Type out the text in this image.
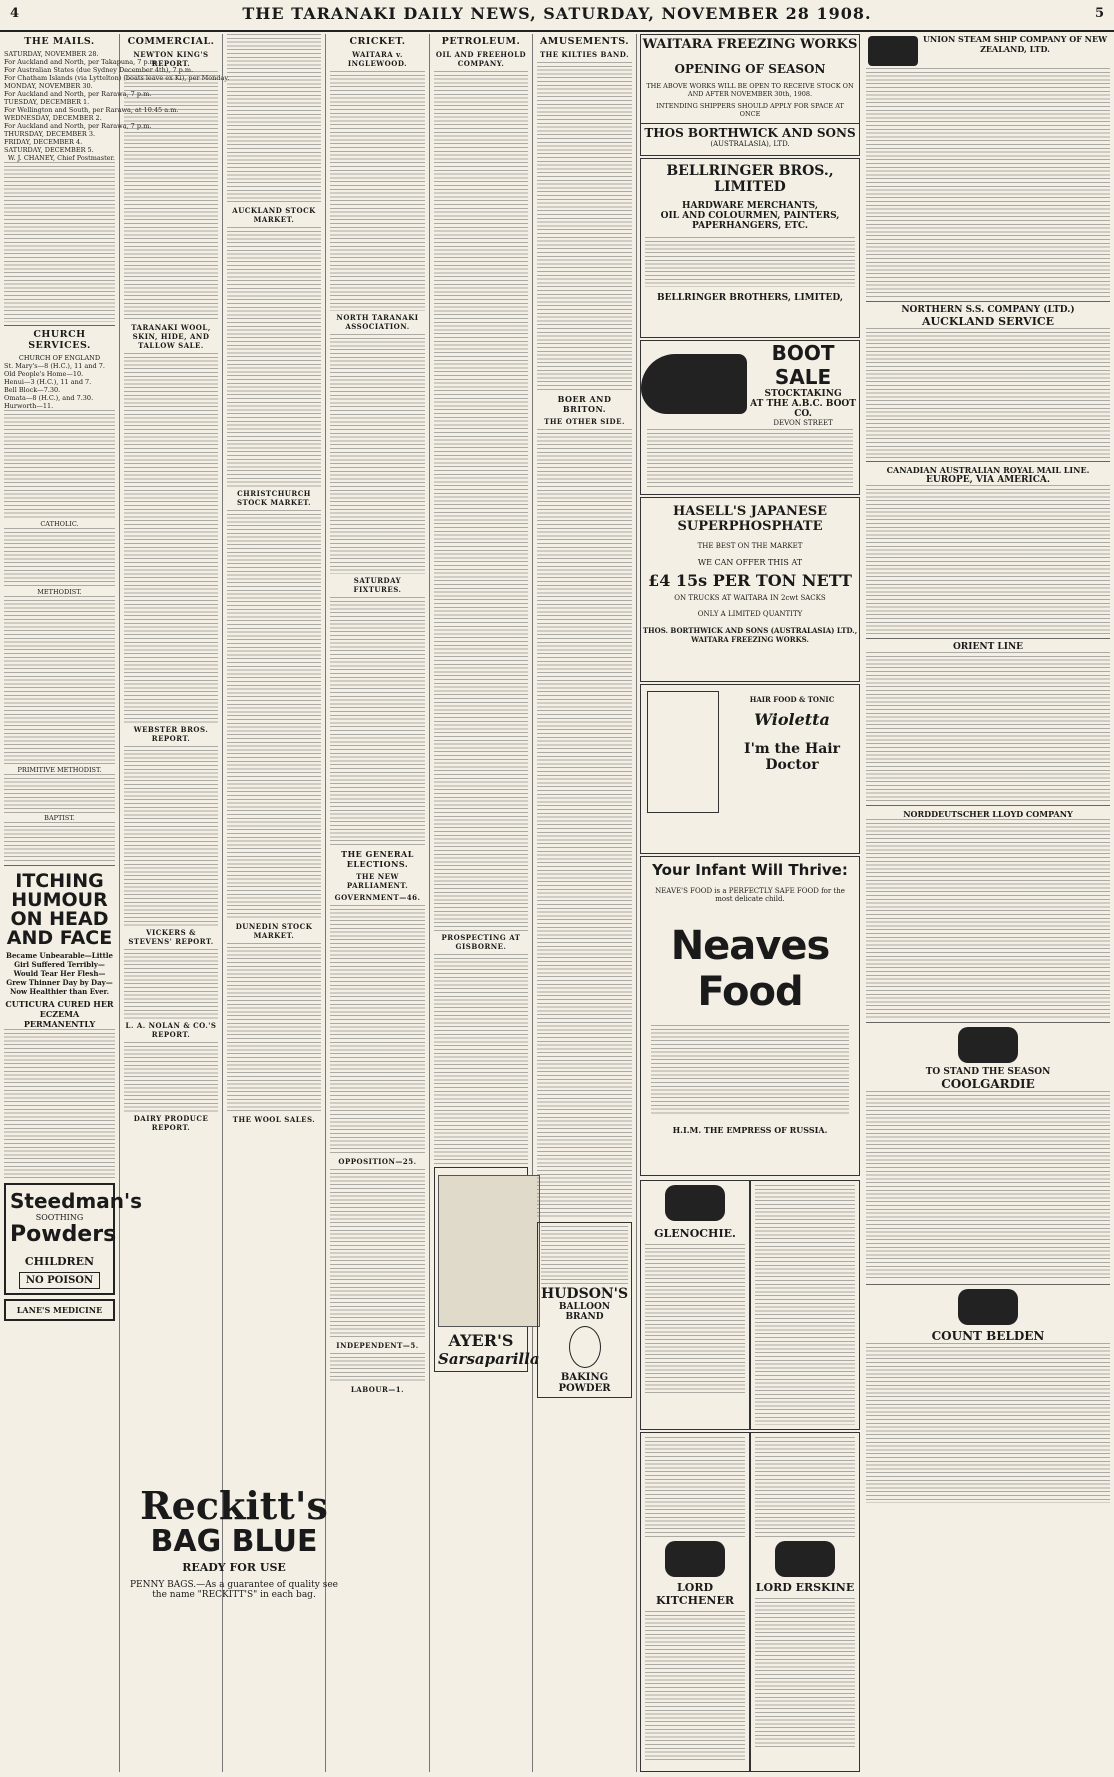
4	THE TARANAKI DAILY NEWS, SATURDAY, NOVEMBER 28 1908.	5
THE MAILS.
SATURDAY, NOVEMBER 28.
For Auckland and North, per Takapuna, 7 p.m.
For Australian States (due Sydney December 4th), 7 p.m.
For Chatham Islands (via Lyttelton) (boats leave ex Ki), per Monday.
MONDAY, NOVEMBER 30.
For Auckland and North, per Rarawa, 7 p.m.
TUESDAY, DECEMBER 1.
For Wellington and South, per Rarawa, at 10.45 a.m.
WEDNESDAY, DECEMBER 2.
For Auckland and North, per Rarawa, 7 p.m.
THURSDAY, DECEMBER 3.
FRIDAY, DECEMBER 4.
SATURDAY, DECEMBER 5.
W. J. CHANEY, Chief Postmaster.
CHURCH SERVICES.
CHURCH OF ENGLAND
St. Mary's—8 (H.C.), 11 and 7.
Old People's Home—10.
Henui—3 (H.C.), 11 and 7.
Bell Block—7.30.
Omata—8 (H.C.), and 7.30.
Hurworth—11.
CATHOLIC.
METHODIST.
PRIMITIVE METHODIST.
BAPTIST.
ITCHING HUMOUR ON HEAD AND FACE
Became Unbearable—Little Girl Suffered Terribly—Would Tear Her Flesh—Grew Thinner Day by Day—Now Healthier than Ever.
CUTICURA CURED HER ECZEMA PERMANENTLY
Steedman's
SOOTHING
Powders
CHILDREN
NO POISON
LANE'S MEDICINE
COMMERCIAL.
NEWTON KING'S REPORT.
TARANAKI WOOL, SKIN, HIDE, AND TALLOW SALE.
WEBSTER BROS. REPORT.
VICKERS & STEVENS' REPORT.
L. A. NOLAN & CO.'S REPORT.
DAIRY PRODUCE REPORT.
AUCKLAND STOCK MARKET.
CHRISTCHURCH STOCK MARKET.
DUNEDIN STOCK MARKET.
THE WOOL SALES.
Reckitt's
BAG BLUE
READY FOR USE
PENNY BAGS.—As a guarantee of quality see the name "RECKITT'S" in each bag.
CRICKET.
WAITARA v. INGLEWOOD.
NORTH TARANAKI ASSOCIATION.
SATURDAY FIXTURES.
THE GENERAL ELECTIONS.
THE NEW PARLIAMENT.
GOVERNMENT—46.
OPPOSITION—25.
INDEPENDENT—5.
LABOUR—1.
PETROLEUM.
OIL AND FREEHOLD COMPANY.
PROSPECTING AT GISBORNE.
AYER'S
Sarsaparilla
AMUSEMENTS.
THE KILTIES BAND.
BOER AND BRITON.
THE OTHER SIDE.
HUDSON'S
BALLOON BRAND
BAKING POWDER
WAITARA FREEZING WORKS
OPENING OF SEASON
THE ABOVE WORKS WILL BE OPEN TO RECEIVE STOCK ON AND AFTER NOVEMBER 30th, 1908.
INTENDING SHIPPERS SHOULD APPLY FOR SPACE AT ONCE
THOS BORTHWICK AND SONS
(AUSTRALASIA), LTD.
BELLRINGER BROS., LIMITED
HARDWARE MERCHANTS,
OIL AND COLOURMEN, PAINTERS, PAPERHANGERS, ETC.
BELLRINGER BROTHERS, LIMITED,
BOOT SALE
STOCKTAKING
AT THE A.B.C. BOOT CO.
DEVON STREET
HASELL'S JAPANESE SUPERPHOSPHATE
THE BEST ON THE MARKET
WE CAN OFFER THIS AT
£4 15s PER TON NETT
ON TRUCKS AT WAITARA IN 2cwt SACKS
ONLY A LIMITED QUANTITY
THOS. BORTHWICK AND SONS (AUSTRALASIA) LTD., WAITARA FREEZING WORKS.
HAIR FOOD & TONIC
Wioletta
I'm the Hair Doctor
Your Infant Will Thrive:
NEAVE'S FOOD is a PERFECTLY SAFE FOOD for the most delicate child.
Neaves Food
H.I.M. THE EMPRESS OF RUSSIA.
GLENOCHIE.
LORD KITCHENER
LORD ERSKINE
UNION STEAM SHIP COMPANY OF NEW ZEALAND, LTD.
NORTHERN S.S. COMPANY (LTD.)
AUCKLAND SERVICE
CANADIAN AUSTRALIAN ROYAL MAIL LINE.
EUROPE, VIA AMERICA.
ORIENT LINE
NORDDEUTSCHER LLOYD COMPANY
TO STAND THE SEASON
COOLGARDIE
COUNT BELDEN
